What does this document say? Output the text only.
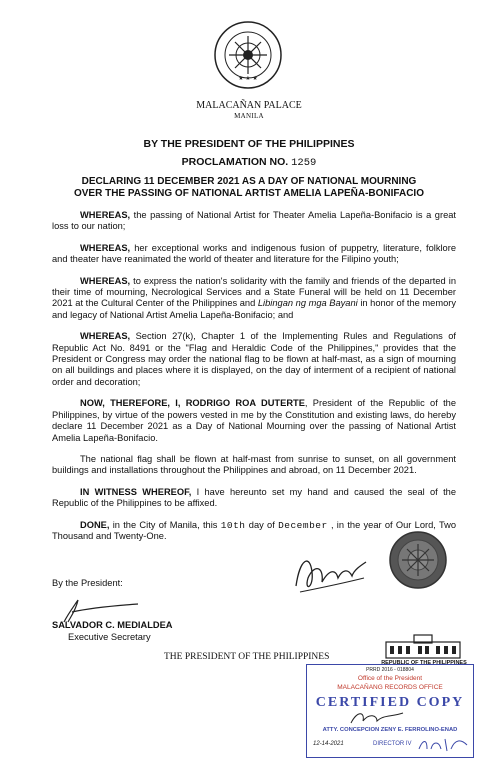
★ ★ ★
MALACAÑAN PALACE
MANILA
BY THE PRESIDENT OF THE PHILIPPINES
PROCLAMATION NO. 1259
DECLARING 11 DECEMBER 2021 AS A DAY OF NATIONAL MOURNING
OVER THE PASSING OF NATIONAL ARTIST AMELIA LAPEÑA-BONIFACIO

WHEREAS, the passing of National Artist for Theater Amelia Lapeña-Bonifacio is a great loss to our nation;

WHEREAS, her exceptional works and indigenous fusion of puppetry, literature, folklore and theater have reanimated the world of theater and literature for the Filipino youth;

WHEREAS, to express the nation's solidarity with the family and friends of the departed in their time of mourning, Necrological Services and a State Funeral will be held on 11 December 2021 at the Cultural Center of the Philippines and Libingan ng mga Bayani in honor of the memory and legacy of National Artist Amelia Lapeña-Bonifacio; and

WHEREAS, Section 27(k), Chapter 1 of the Implementing Rules and Regulations of Republic Act No. 8491 or the "Flag and Heraldic Code of the Philippines," provides that the President or Congress may order the national flag to be flown at half-mast, as a sign of mourning on all buildings and places where it is displayed, on the day of interment of a recipient of national order and decoration;

NOW, THEREFORE, I, RODRIGO ROA DUTERTE, President of the Republic of the Philippines, by virtue of the powers vested in me by the Constitution and existing laws, do hereby declare 11 December 2021 as a Day of National Mourning over the passing of National Artist Amelia Lapeña-Bonifacio.

The national flag shall be flown at half-mast from sunrise to sunset, on all government buildings and installations throughout the Philippines and abroad, on 11 December 2021.

IN WITNESS WHEREOF, I have hereunto set my hand and caused the seal of the Republic of the Philippines to be affixed.

DONE, in the City of Manila, this 10th day of December , in the year of Our Lord, Two Thousand and Twenty-One.

By the President:
SALVADOR C. MEDIALDEA
Executive Secretary
THE PRESIDENT OF THE PHILIPPINES
REPUBLIC OF THE PHILIPPINES
PRRD 2016 - 018804
Office of the President
MALACAÑANG RECORDS OFFICE
CERTIFIED COPY
ATTY. CONCEPCION ZENY E. FERROLINO-ENAD
12-14-2021	DIRECTOR IV
